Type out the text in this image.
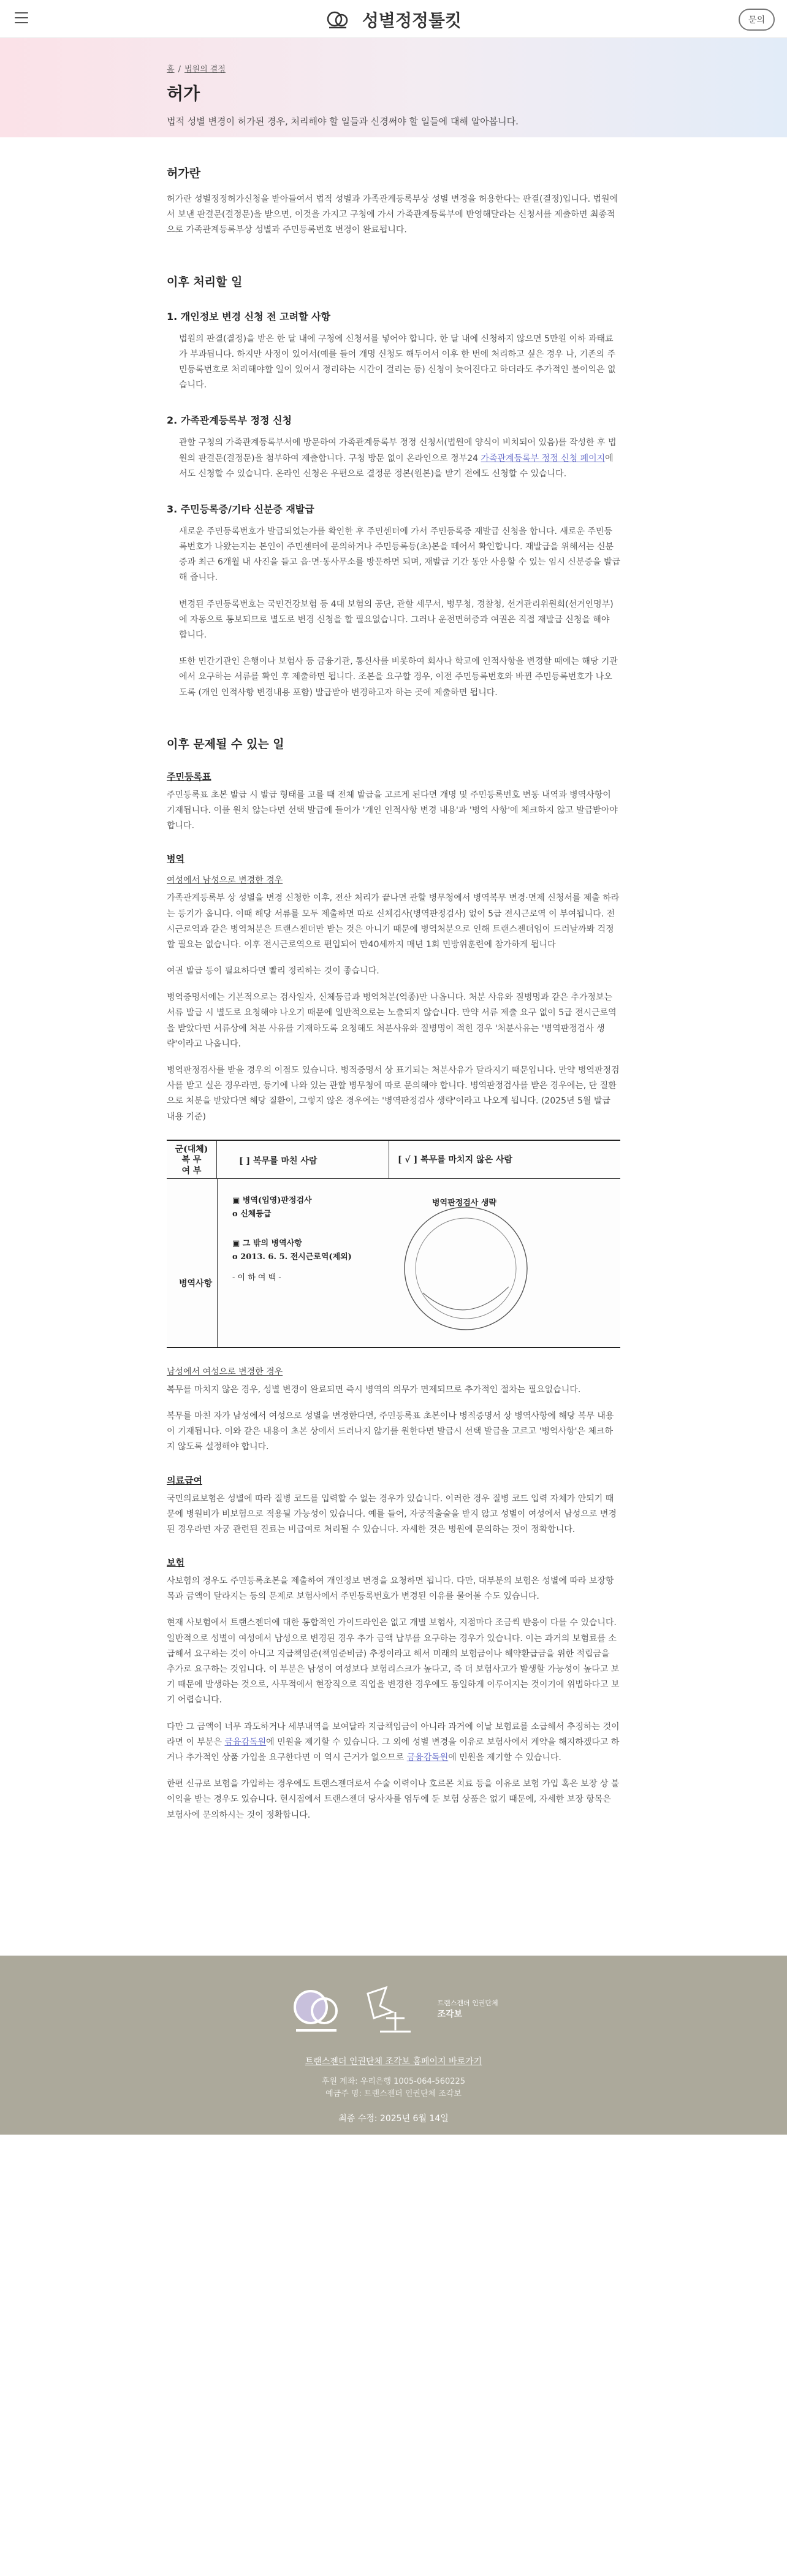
성별정정툴킷	문의
홈 / 법원의 결정
허가

법적 성별 변경이 허가된 경우, 처리해야 할 일들과 신경써야 할 일들에 대해 알아봅니다.

허가란

허가란 성별정정허가신청을 받아들여서 법적 성별과 가족관계등록부상 성별 변경을 허용한다는 판결(결정)입니다. 법원에서 보낸 판결문(결정문)을 받으면, 이것을 가지고 구청에 가서 가족관계등록부에 반영해달라는 신청서를 제출하면 최종적으로 가족관계등록부상 성별과 주민등록번호 변경이 완료됩니다.

이후 처리할 일
1. 개인정보 변경 신청 전 고려할 사항

법원의 판결(결정)을 받은 한 달 내에 구청에 신청서를 넣어야 합니다. 한 달 내에 신청하지 않으면 5만원 이하 과태료가 부과됩니다. 하지만 사정이 있어서(예를 들어 개명 신청도 해두어서 이후 한 번에 처리하고 싶은 경우 나, 기존의 주민등록번호로 처리해야할 일이 있어서 정리하는 시간이 걸리는 등) 신청이 늦어진다고 하더라도 추가적인 불이익은 없습니다.

2. 가족관계등록부 정정 신청

관할 구청의 가족관계등록부서에 방문하여 가족관계등록부 정정 신청서(법원에 양식이 비치되어 있음)를 작성한 후 법원의 판결문(결정문)을 첨부하여 제출합니다. 구청 방문 없이 온라인으로 정부24 가족관계등록부 정정 신청 페이지에서도 신청할 수 있습니다. 온라인 신청은 우편으로 결정문 정본(원본)을 받기 전에도 신청할 수 있습니다.

3. 주민등록증/기타 신분증 재발급

새로운 주민등록번호가 발급되었는가를 확인한 후 주민센터에 가서 주민등록증 재발급 신청을 합니다. 새로운 주민등록번호가 나왔는지는 본인이 주민센터에 문의하거나 주민등록등(초)본을 떼어서 확인합니다. 재발급을 위해서는 신분증과 최근 6개월 내 사진을 들고 읍·면·동사무소를 방문하면 되며, 재발급 기간 동안 사용할 수 있는 임시 신분증을 발급해 줍니다.

변경된 주민등록번호는 국민건강보험 등 4대 보험의 공단, 관할 세무서, 병무청, 경찰청, 선거관리위원회(선거인명부)에 자동으로 통보되므로 별도로 변경 신청을 할 필요없습니다. 그러나 운전면허증과 여권은 직접 재발급 신청을 해야 합니다.

또한 민간기관인 은행이나 보험사 등 금융기관, 통신사를 비롯하여 회사나 학교에 인적사항을 변경할 때에는 해당 기관에서 요구하는 서류를 확인 후 제출하면 됩니다. 조본을 요구할 경우, 이전 주민등록번호와 바뀐 주민등록번호가 나오도록 (개인 인적사항 변경내용 포함) 발급받아 변경하고자 하는 곳에 제출하면 됩니다.

이후 문제될 수 있는 일
주민등록표

주민등록표 초본 발급 시 발급 형태를 고를 때 전체 발급을 고르게 된다면 개명 및 주민등록번호 변동 내역과 병역사항이 기재됩니다. 이를 원치 않는다면 선택 발급에 들어가 '개인 인적사항 변경 내용'과 '병역 사항'에 체크하지 않고 발급받아야 합니다.

병역
여성에서 남성으로 변경한 경우

가족관계등록부 상 성별을 변경 신청한 이후, 전산 처리가 끝나면 관할 병무청에서 병역복무 변경·면제 신청서를 제출 하라는 등기가 옵니다. 이때 해당 서류를 모두 제출하면 따로 신체검사(병역판정검사) 없이 5급 전시근로역 이 부여됩니다. 전시근로역과 같은 병역처분은 트랜스젠더만 받는 것은 아니기 때문에 병역처분으로 인해 트랜스젠더임이 드러날까봐 걱정할 필요는 없습니다. 이후 전시근로역으로 편입되어 만40세까지 매년 1회 민방위훈련에 참가하게 됩니다

여권 발급 등이 필요하다면 빨리 정리하는 것이 좋습니다.

병역증명서에는 기본적으로는 검사일자, 신체등급과 병역처분(역종)만 나옵니다. 처분 사유와 질병명과 같은 추가정보는 서류 발급 시 별도로 요청해야 나오기 때문에 일반적으로는 노출되지 않습니다. 만약 서류 제출 요구 없이 5급 전시근로역을 받았다면 서류상에 처분 사유를 기재하도록 요청해도 처분사유와 질병명이 적힌 경우 '처분사유는 '병역판정검사 생략'이라고 나옵니다.

병역판정검사를 받을 경우의 이점도 있습니다. 병적증명서 상 표기되는 처분사유가 달라지기 때문입니다. 만약 병역판정검사를 받고 실은 경우라면, 등기에 나와 있는 관할 병무청에 따로 문의해야 합니다. 병역판정검사를 받은 경우에는, 단 질환으로 처분을 받았다면 해당 질환이, 그렇지 않은 경우에는 '병역판정검사 생략'이라고 나오게 됩니다. (2025년 5월 발급 내용 기준)

군(대체)
복 무
여 부
[ ] 복무를 마친 사람	[ √ ] 복무를 마치지 않은 사람
▣ 병역(입영)판정검사
o 신체등급
병역판정검사 생략
▣ 그 밖의 병역사항
o 2013. 6. 5. 전시근로역(제외)
- 이 하 여 백 -
병역사항
남성에서 여성으로 변경한 경우

복무를 마치지 않은 경우, 성별 변경이 완료되면 즉시 병역의 의무가 면제되므로 추가적인 절차는 필요없습니다.

복무를 마친 자가 남성에서 여성으로 성별을 변경한다면, 주민등록표 초본이나 병적증명서 상 병역사항에 해당 복무 내용이 기재됩니다. 이와 같은 내용이 초본 상에서 드러나지 않기를 원한다면 발급시 선택 발급을 고르고 '병역사항'은 체크하지 않도록 설정해야 합니다.

의료급여

국민의료보험은 성별에 따라 질병 코드를 입력할 수 없는 경우가 있습니다. 이러한 경우 질병 코드 입력 자체가 안되기 때문에 병원비가 비보험으로 적용될 가능성이 있습니다. 예를 들어, 자궁적출술을 받지 않고 성별이 여성에서 남성으로 변경된 경우라면 자궁 관련된 진료는 비급여로 처리될 수 있습니다. 자세한 것은 병원에 문의하는 것이 정확합니다.

보험

사보험의 경우도 주민등록초본을 제출하여 개인정보 변경을 요청하면 됩니다. 다만, 대부분의 보험은 성별에 따라 보장항목과 금액이 달라지는 등의 문제로 보험사에서 주민등록번호가 변경된 이유를 물어볼 수도 있습니다.

현재 사보험에서 트랜스젠더에 대한 통합적인 가이드라인은 없고 개별 보험사, 지점마다 조금씩 반응이 다를 수 있습니다. 일반적으로 성별이 여성에서 남성으로 변경된 경우 추가 금액 납부를 요구하는 경우가 있습니다. 이는 과거의 보험료를 소급해서 요구하는 것이 아니고 지급책임준(책임준비금) 추정이라고 해서 미래의 보험금이나 해약환급금을 위한 적립금을 추가로 요구하는 것입니다. 이 부분은 남성이 여성보다 보험리스크가 높다고, 즉 더 보험사고가 발생할 가능성이 높다고 보기 때문에 발생하는 것으로, 사무적에서 현장직으로 직업을 변경한 경우에도 동일하게 이루어지는 것이기에 위법하다고 보기 어렵습니다.

다만 그 금액이 너무 과도하거나 세부내역을 보여달라 지급책임금이 아니라 과거에 이날 보험료를 소급해서 추징하는 것이라면 이 부분은 금융감독원에 민원을 제기할 수 있습니다. 그 외에 성별 변경을 이유로 보험사에서 계약을 해지하겠다고 하거나 추가적인 상품 가입을 요구한다면 이 역시 근거가 없으므로 금융감독원에 민원을 제기할 수 있습니다.

한편 신규로 보험을 가입하는 경우에도 트랜스젠더로서 수술 이력이나 호르몬 치료 등을 이유로 보험 가입 혹은 보장 상 불이익을 받는 경우도 있습니다. 현시점에서 트랜스젠더 당사자를 염두에 둔 보험 상품은 없기 때문에, 자세한 보장 항목은 보험사에 문의하시는 것이 정확합니다.

트랜스젠더 인권단체
조각보
트랜스젠더 인권단체 조각보 홈페이지 바로가기
후원 계좌: 우리은행 1005-064-560225
예금주 명: 트랜스젠더 인권단체 조각보
최종 수정: 2025년 6월 14일
